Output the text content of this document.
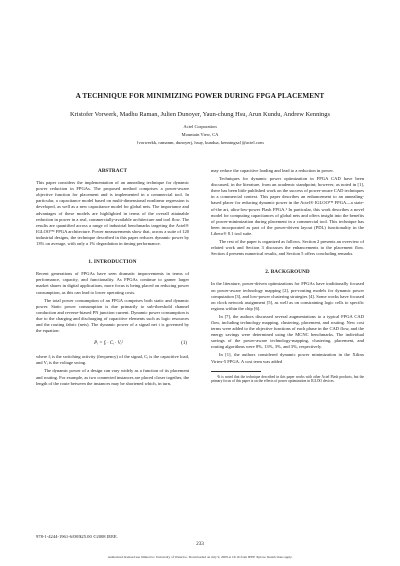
A TECHNIQUE FOR MINIMIZING POWER DURING FPGA PLACEMENT
Kristofer Vorwerk, Madhu Raman, Julien Dunoyer, Yaun-chung Hsu, Arun Kundu, Andrew Kennings
Actel Corporation
Mountain View, CA
{vorwerkk, ramanm, dunoyerj, hsuy, kundua, kenningsa}@actel.com
ABSTRACT
This paper considers the implementation of an annealing technique for dynamic power reduction in FPGAs. The proposed method comprises a power-aware objective function for placement and is implemented in a commercial tool. In particular, a capacitance model based on multi-dimensional nonlinear regression is developed, as well as a new capacitance model for global nets. The importance and advantages of these models are highlighted in terms of the overall attainable reduction in power in a real, commercially-available architecture and tool flow. The results are quantified across a range of industrial benchmarks targeting the Actel® IGLOO™ FPGA architecture. Power measurements show that, across a suite of 120 industrial designs, the technique described in this paper reduces dynamic power by 13% on average, with only a 1% degradation in timing performance.
1. INTRODUCTION
Recent generations of FPGAs have seen dramatic improvements in terms of performance, capacity, and functionality. As FPGAs continue to garner larger market shares in digital applications, more focus is being placed on reducing power consumption, as this can lead to lower operating costs.
The total power consumption of an FPGA comprises both static and dynamic power. Static power consumption is due primarily to sub-threshold channel conduction and reverse-biased PN junction current. Dynamic power consumption is due to the charging and discharging of capacitive elements such as logic resources and the routing fabric (nets). The dynamic power of a signal net i is governed by the equation:
Pᵢ = fᵢ · Cᵢ · Vᵢ²	(1)
where fᵢ is the switching activity (frequency) of the signal, Cᵢ is the capacitive load, and Vᵢ is the voltage swing.
The dynamic power of a design can vary widely as a function of its placement and routing. For example, as two connected instances are placed closer together, the length of the route between the instances may be shortened which, in turn,
may reduce the capacitive loading and lead to a reduction in power.
Techniques for dynamic power optimization in FPGA CAD have been discussed, in the literature, from an academic standpoint; however, as noted in [1], there has been little published work on the success of power-aware CAD techniques in a commercial context. This paper describes an enhancement to an annealing-based placer for reducing dynamic power in the Actel® IGLOO™ FPGA—a state-of-the art, ultra-low-power Flash FPGA.¹ In particular, this work describes a novel model for computing capacitances of global nets and offers insight into the benefits of power-minimization during placement in a commercial tool. This technique has been incorporated as part of the power-driven layout (PDL) functionality in the Libero® 8.1 tool suite.
The rest of the paper is organized as follows. Section 2 presents an overview of related work and Section 3 discusses the enhancements to the placement flow. Section 4 presents numerical results, and Section 5 offers concluding remarks.
2. BACKGROUND
In the literature, power-driven optimizations for FPGAs have traditionally focused on power-aware technology mapping [2], pre-routing models for dynamic power computation [3], and low-power clustering strategies [4]. Some works have focused on clock network assignment [5], as well as on constraining logic cells to specific regions within the chip [6].
In [7], the authors discussed several augmentations to a typical FPGA CAD flow, including technology mapping, clustering, placement, and routing. New cost terms were added to the objective functions of each phase in the CAD flow, and the energy savings were determined using the MCNC benchmarks. The individual savings of the power-aware technology-mapping, clustering, placement, and routing algorithms were 8%, 13%, 3%, and 3%, respectively.
In [1], the authors considered dynamic power minimization in the Xilinx Virtex-5 FPGA. A cost term was added
¹It is noted that the technique described in this paper works with other Actel Flash products, but the primary focus of this paper is on the effects of power optimization in IGLOO devices.
978-1-4244-1961-6/08/$25.00 ©2008 IEEE.
233
Authorized licensed use limited to: University of Waterloo. Downloaded on July 9, 2009 at 16:16 from IEEE Xplore. Restrictions apply.
